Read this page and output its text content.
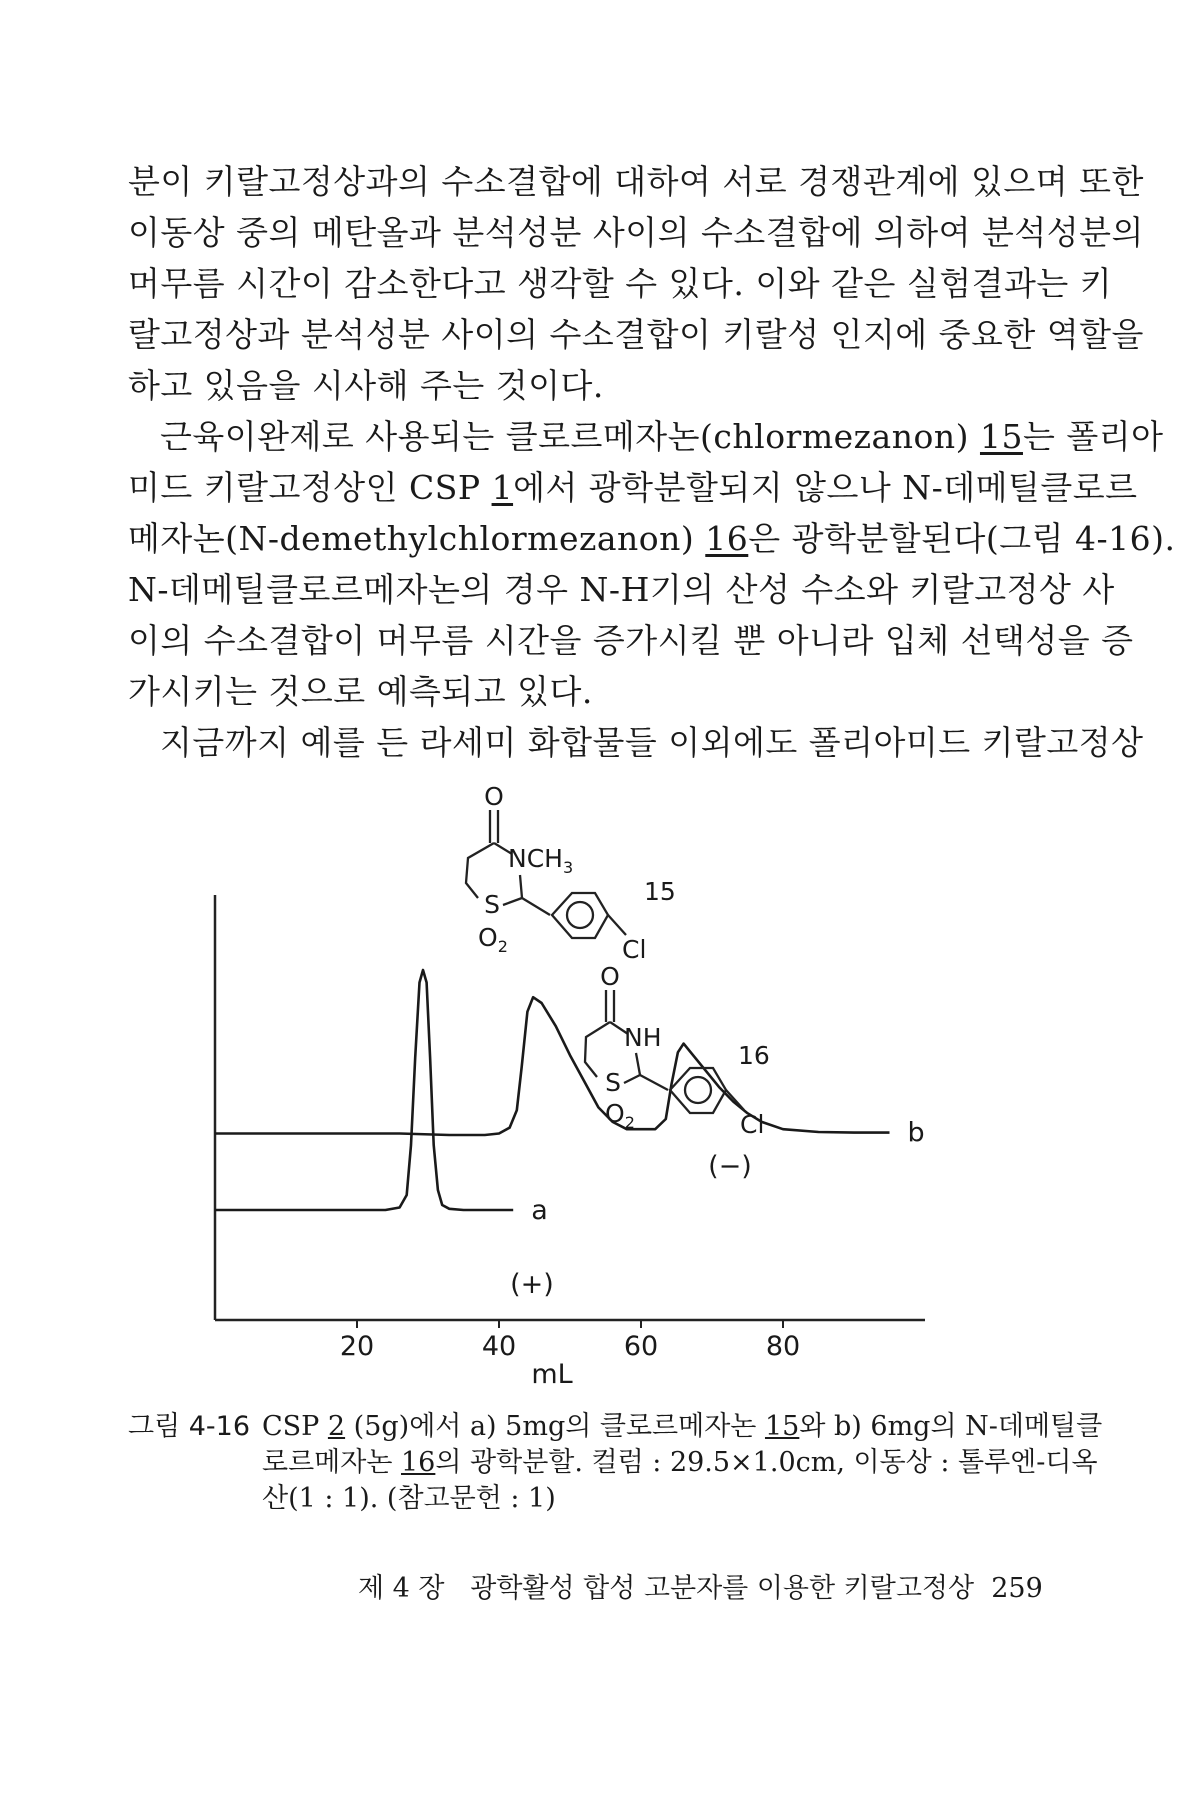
분이 키랄고정상과의 수소결합에 대하여 서로 경쟁관계에 있으며 또한
이동상 중의 메탄올과 분석성분 사이의 수소결합에 의하여 분석성분의
머무름 시간이 감소한다고 생각할 수 있다. 이와 같은 실험결과는 키
랄고정상과 분석성분 사이의 수소결합이 키랄성 인지에 중요한 역할을
하고 있음을 시사해 주는 것이다.
근육이완제로 사용되는 클로르메자논(chlormezanon) 15는 폴리아
미드 키랄고정상인 CSP 1에서 광학분할되지 않으나 N-데메틸클로르
메자논(N-demethylchlormezanon) 16은 광학분할된다(그림 4-16).
N-데메틸클로르메자논의 경우 N-H기의 산성 수소와 키랄고정상 사
이의 수소결합이 머무름 시간을 증가시킬 뿐 아니라 입체 선택성을 증
가시키는 것으로 예측되고 있다.
지금까지 예를 든 라세미 화합물들 이외에도 폴리아미드 키랄고정상
20	40	60	80
a
b
mL
(+)
(−)
O
$NCH_3$
S
$O_2$	Cl
15
O
NH
S
$O_2$	Cl
16
그림 4-16 CSP 2 (5g)에서 a) 5mg의 클로르메자논 15와 b) 6mg의 N-데메틸클
로르메자논 16의 광학분할. 컬럼 : 29.5×1.0cm, 이동상 : 톨루엔-디옥
산(1 : 1). (참고문헌 : 1)
제 4 장 광학활성 합성 고분자를 이용한 키랄고정상 259
